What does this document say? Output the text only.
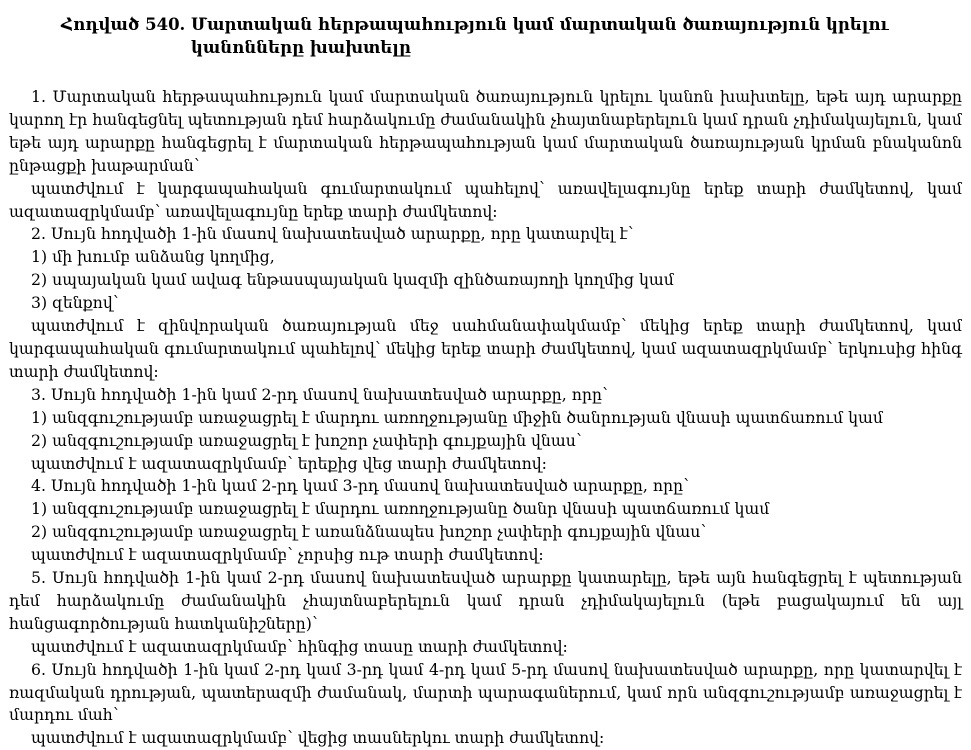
Հոդված 540. Մարտական հերթապահություն կամ մարտական ծառայություն կրելու կանոնները խախտելը

1. Մարտական հերթապահություն կամ մարտական ծառայություն կրելու կանոն խախտելը, եթե այդ արարքը կարող էր հանգեցնել պետության դեմ հարձակումը ժամանակին չհայտնաբերելուն կամ դրան չդիմակայելուն, կամ եթե այդ արարքը հանգեցրել է մարտական հերթապահության կամ մարտական ծառայության կրման բնականոն ընթացքի խաթարման՝

պատժվում է կարգապահական գումարտակում պահելով՝ առավելագույնը երեք տարի ժամկետով, կամ ազատազրկմամբ՝ առավելագույնը երեք տարի ժամկետով։

2. Սույն հոդվածի 1-ին մասով նախատեսված արարքը, որը կատարվել է՝

1) մի խումբ անձանց կողմից,

2) սպայական կամ ավագ ենթասպայական կազմի զինծառայողի կողմից կամ

3) զենքով՝

պատժվում է զինվորական ծառայության մեջ սահմանափակմամբ՝ մեկից երեք տարի ժամկետով, կամ կարգապահական գումարտակում պահելով՝ մեկից երեք տարի ժամկետով, կամ ազատազրկմամբ՝ երկուսից հինգ տարի ժամկետով։

3. Սույն հոդվածի 1-ին կամ 2-րդ մասով նախատեսված արարքը, որը՝

1) անզգուշությամբ առաջացրել է մարդու առողջությանը միջին ծանրության վնասի պատճառում կամ

2) անզգուշությամբ առաջացրել է խոշոր չափերի գույքային վնաս՝

պատժվում է ազատազրկմամբ՝ երեքից վեց տարի ժամկետով։

4. Սույն հոդվածի 1-ին կամ 2-րդ կամ 3-րդ մասով նախատեսված արարքը, որը՝

1) անզգուշությամբ առաջացրել է մարդու առողջությանը ծանր վնասի պատճառում կամ

2) անզգուշությամբ առաջացրել է առանձնապես խոշոր չափերի գույքային վնաս՝

պատժվում է ազատազրկմամբ՝ չորսից ութ տարի ժամկետով։

5. Սույն հոդվածի 1-ին կամ 2-րդ մասով նախատեսված արարքը կատարելը, եթե այն հանգեցրել է պետության դեմ հարձակումը ժամանակին չհայտնաբերելուն կամ դրան չդիմակայելուն (եթե բացակայում են այլ հանցագործության հատկանիշները)՝

պատժվում է ազատազրկմամբ՝ հինգից տասը տարի ժամկետով։

6. Սույն հոդվածի 1-ին կամ 2-րդ կամ 3-րդ կամ 4-րդ կամ 5-րդ մասով նախատեսված արարքը, որը կատարվել է ռազմական դրության, պատերազմի ժամանակ, մարտի պարագաներում, կամ որն անզգուշությամբ առաջացրել է մարդու մահ՝

պատժվում է ազատազրկմամբ՝ վեցից տասներկու տարի ժամկետով։
